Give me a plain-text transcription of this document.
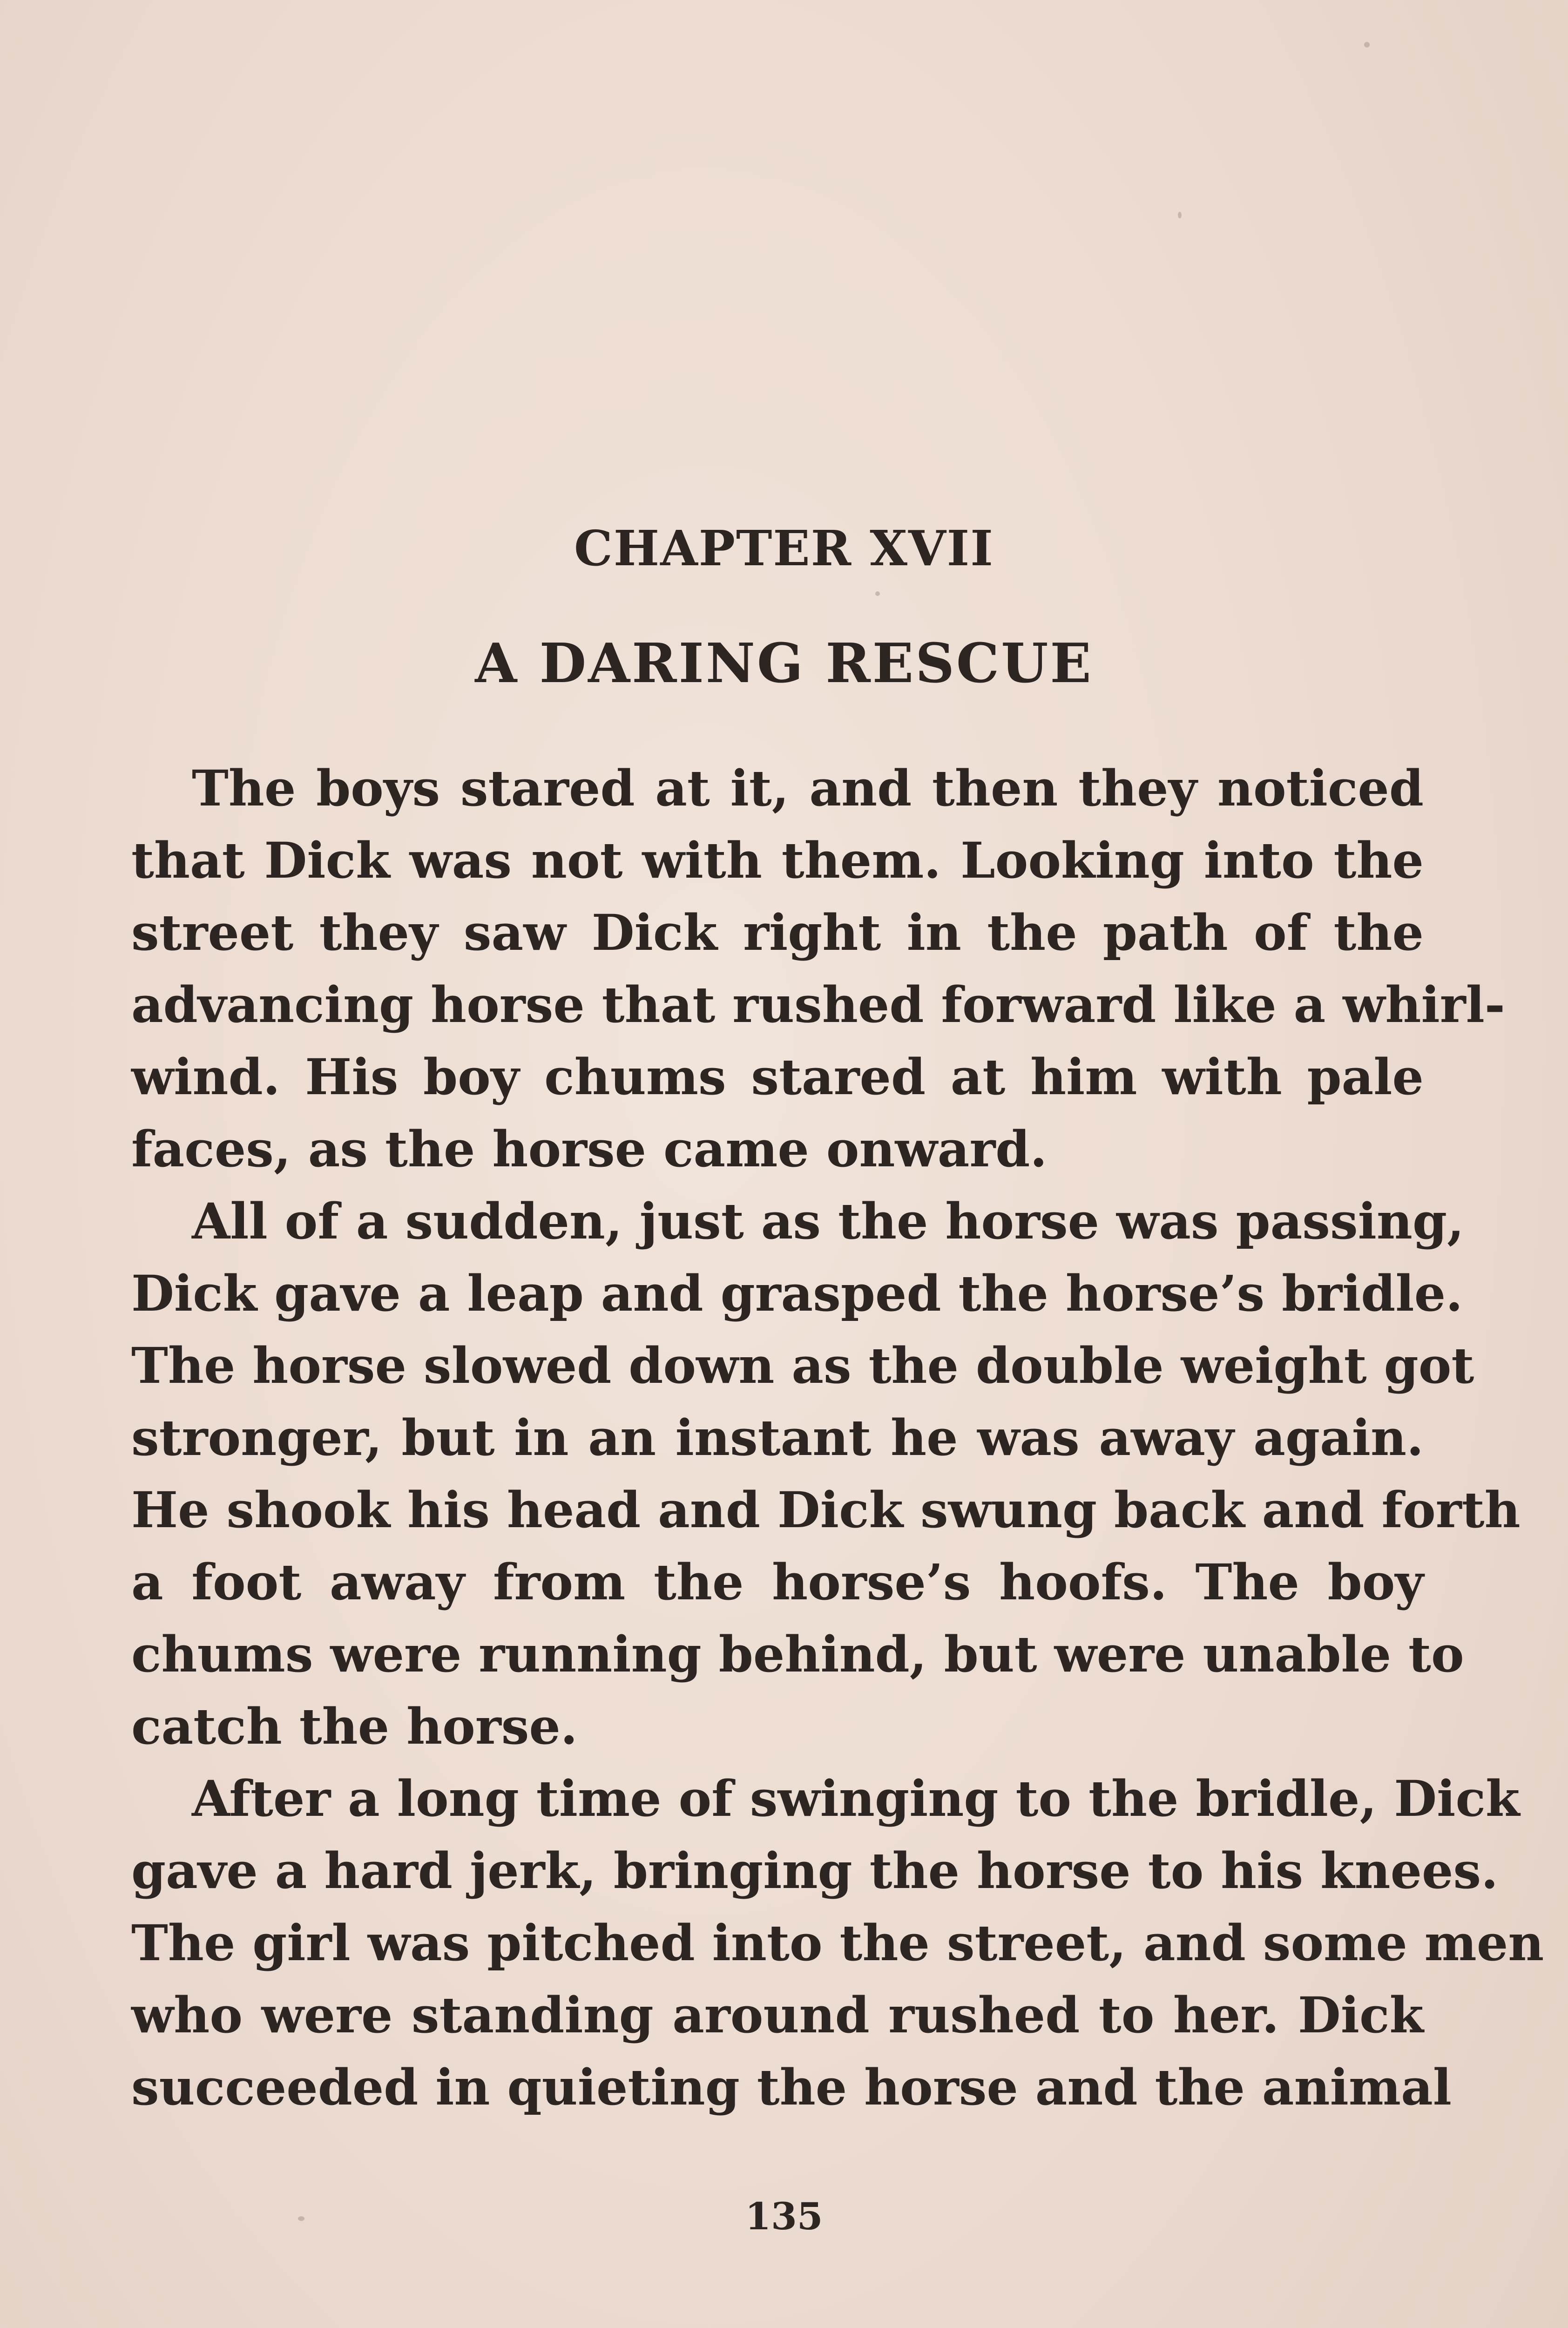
CHAPTER XVII
A DARING RESCUE
The boys stared at it, and then they noticed
that Dick was not with them. Looking into the
street they saw Dick right in the path of the
advancing horse that rushed forward like a whirl-
wind. His boy chums stared at him with pale
faces, as the horse came onward.
All of a sudden, just as the horse was passing,
Dick gave a leap and grasped the horse’s bridle.
The horse slowed down as the double weight got
stronger, but in an instant he was away again.
He shook his head and Dick swung back and forth
a foot away from the horse’s hoofs. The boy
chums were running behind, but were unable to
catch the horse.
After a long time of swinging to the bridle, Dick
gave a hard jerk, bringing the horse to his knees.
The girl was pitched into the street, and some men
who were standing around rushed to her. Dick
succeeded in quieting the horse and the animal
135
